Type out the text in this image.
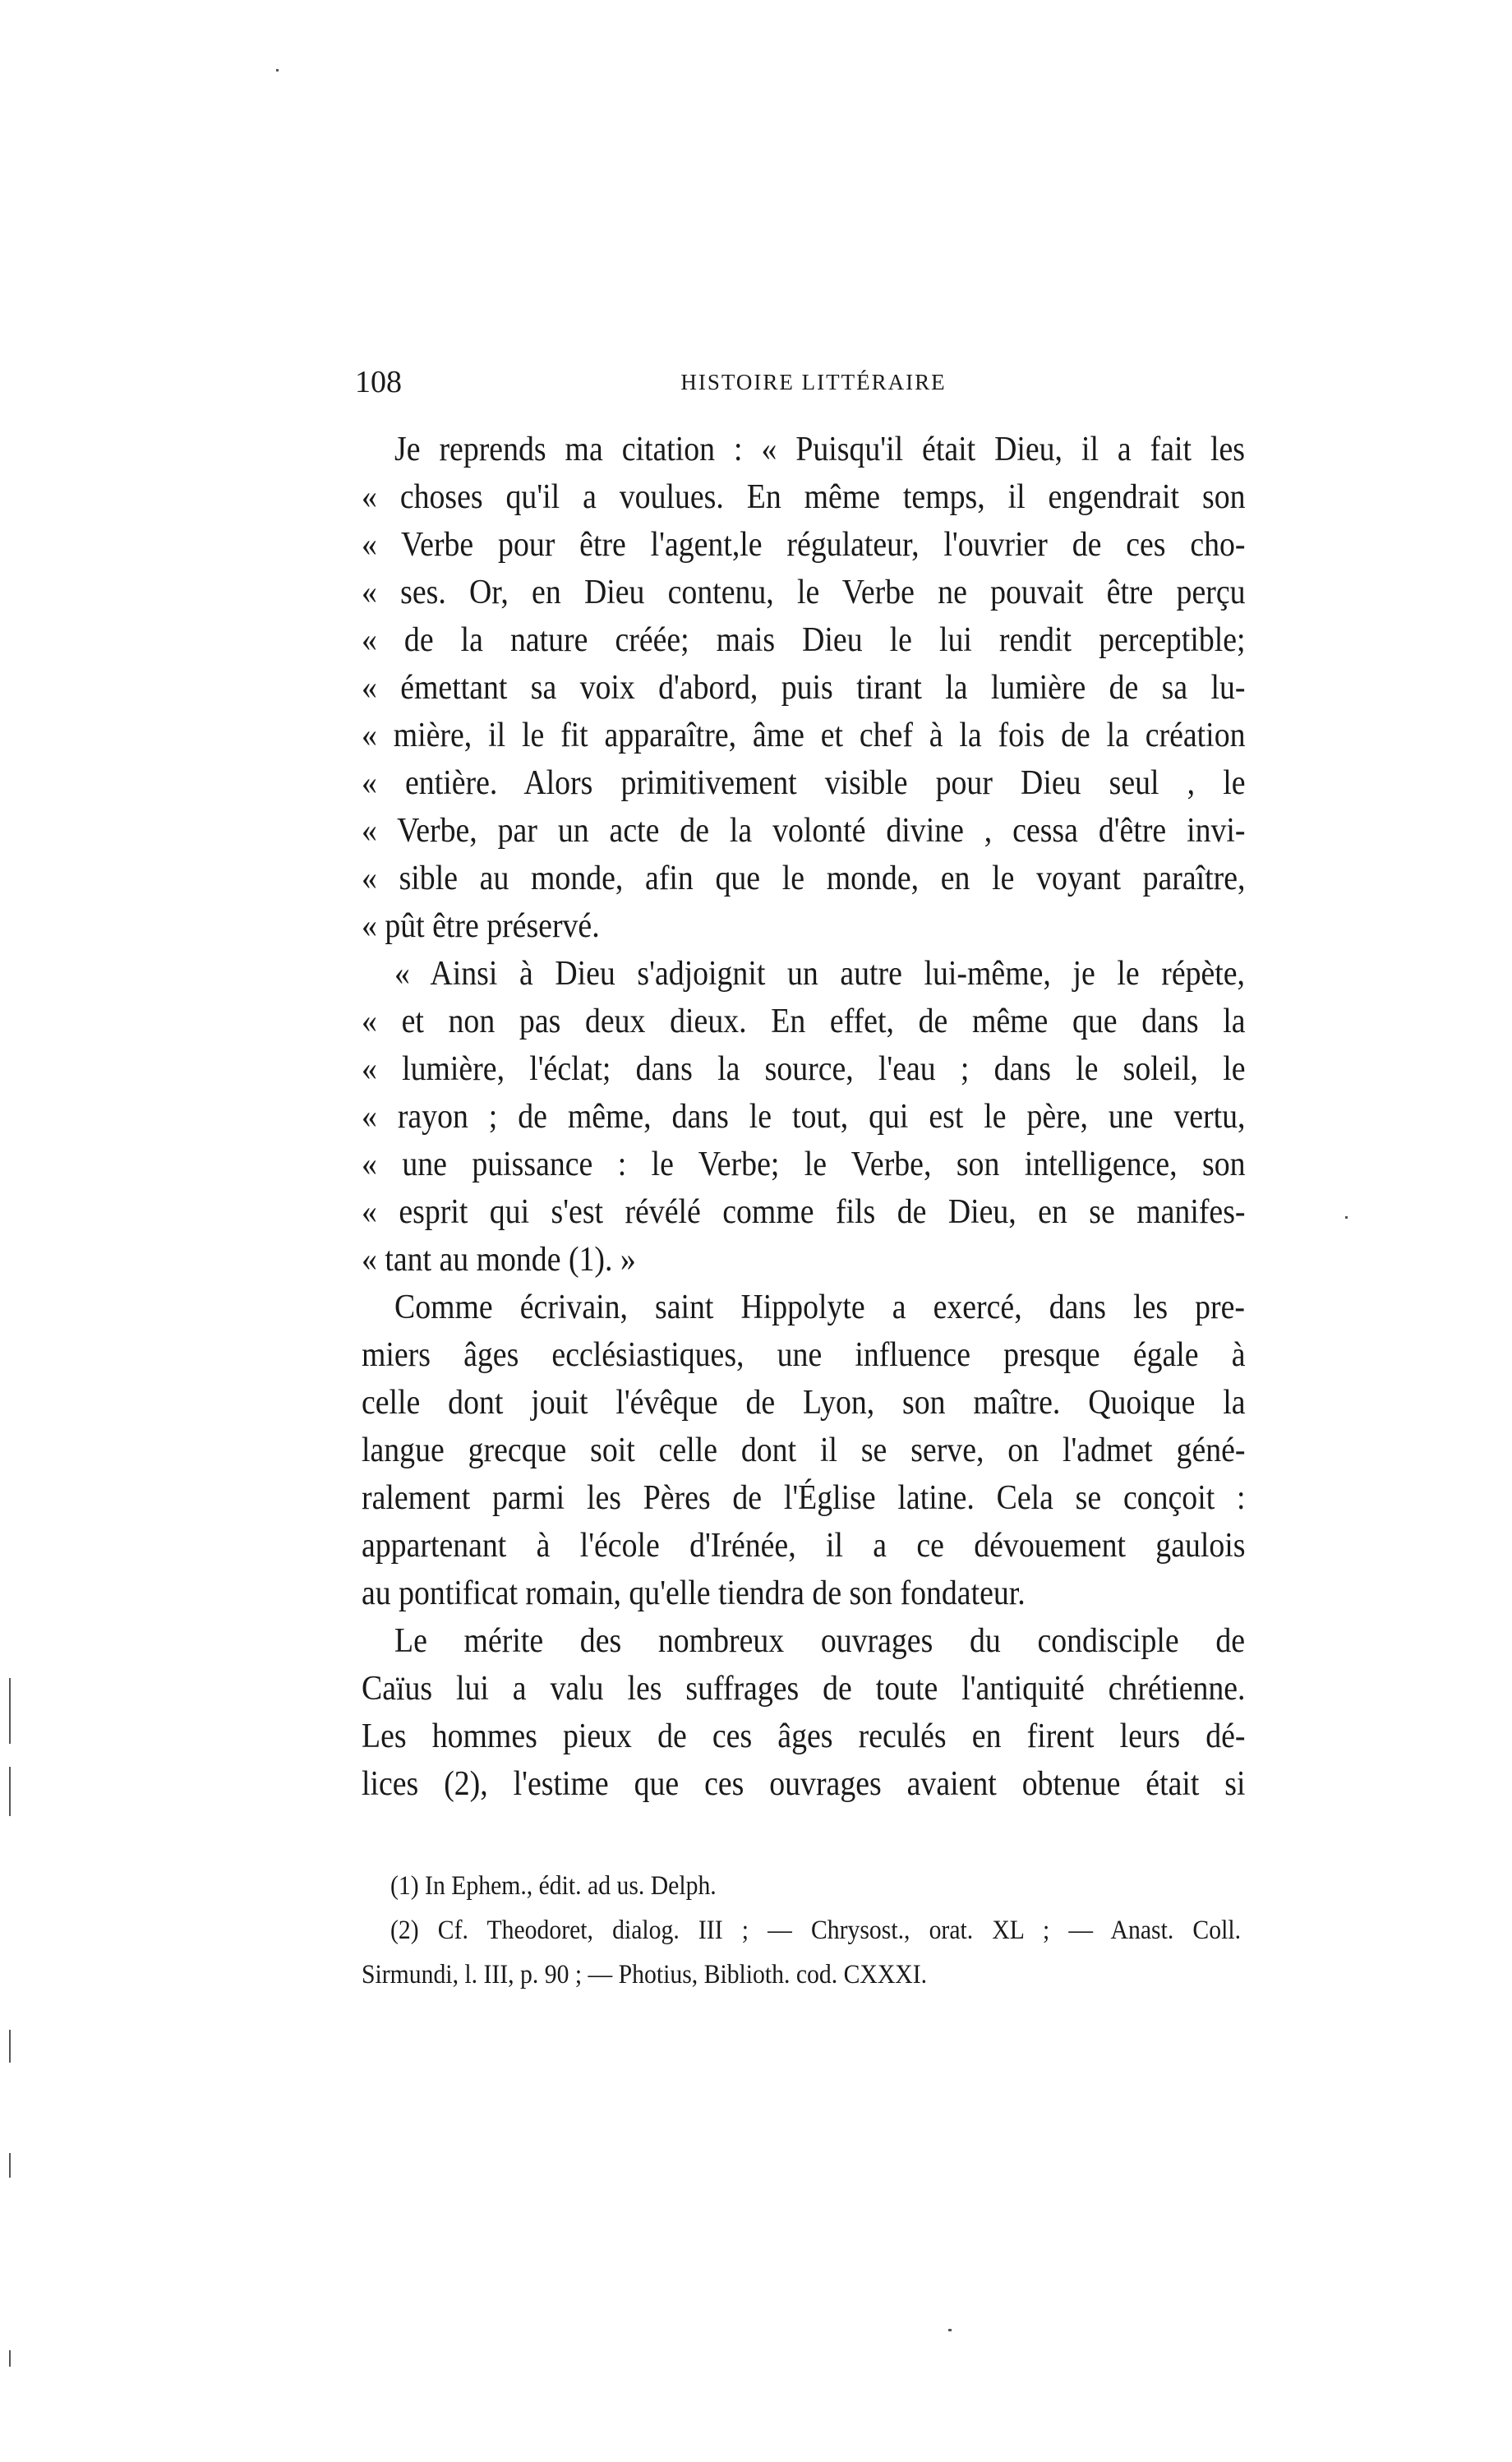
108	HISTOIRE LITTÉRAIRE
Je reprends ma citation : « Puisqu'il était Dieu, il a fait les
« choses qu'il a voulues. En même temps, il engendrait son
« Verbe pour être l'agent,le régulateur, l'ouvrier de ces cho-
« ses. Or, en Dieu contenu, le Verbe ne pouvait être perçu
« de la nature créée; mais Dieu le lui rendit perceptible;
« émettant sa voix d'abord, puis tirant la lumière de sa lu-
« mière, il le fit apparaître, âme et chef à la fois de la création
« entière. Alors primitivement visible pour Dieu seul , le
« Verbe, par un acte de la volonté divine , cessa d'être invi-
« sible au monde, afin que le monde, en le voyant paraître,
« pût être préservé.
« Ainsi à Dieu s'adjoignit un autre lui-même, je le répète,
« et non pas deux dieux. En effet, de même que dans la
« lumière, l'éclat; dans la source, l'eau ; dans le soleil, le
« rayon ; de même, dans le tout, qui est le père, une vertu,
« une puissance : le Verbe; le Verbe, son intelligence, son
« esprit qui s'est révélé comme fils de Dieu, en se manifes-
« tant au monde (1). »
Comme écrivain, saint Hippolyte a exercé, dans les pre-
miers âges ecclésiastiques, une influence presque égale à
celle dont jouit l'évêque de Lyon, son maître. Quoique la
langue grecque soit celle dont il se serve, on l'admet géné-
ralement parmi les Pères de l'Église latine. Cela se conçoit :
appartenant à l'école d'Irénée, il a ce dévouement gaulois
au pontificat romain, qu'elle tiendra de son fondateur.
Le mérite des nombreux ouvrages du condisciple de
Caïus lui a valu les suffrages de toute l'antiquité chrétienne.
Les hommes pieux de ces âges reculés en firent leurs dé-
lices (2), l'estime que ces ouvrages avaient obtenue était si
(1) In Ephem., édit. ad us. Delph.
(2) Cf. Theodoret, dialog. III ; — Chrysost., orat. XL ; — Anast. Coll.
Sirmundi, l. III, p. 90 ; — Photius, Biblioth. cod. CXXXI.
